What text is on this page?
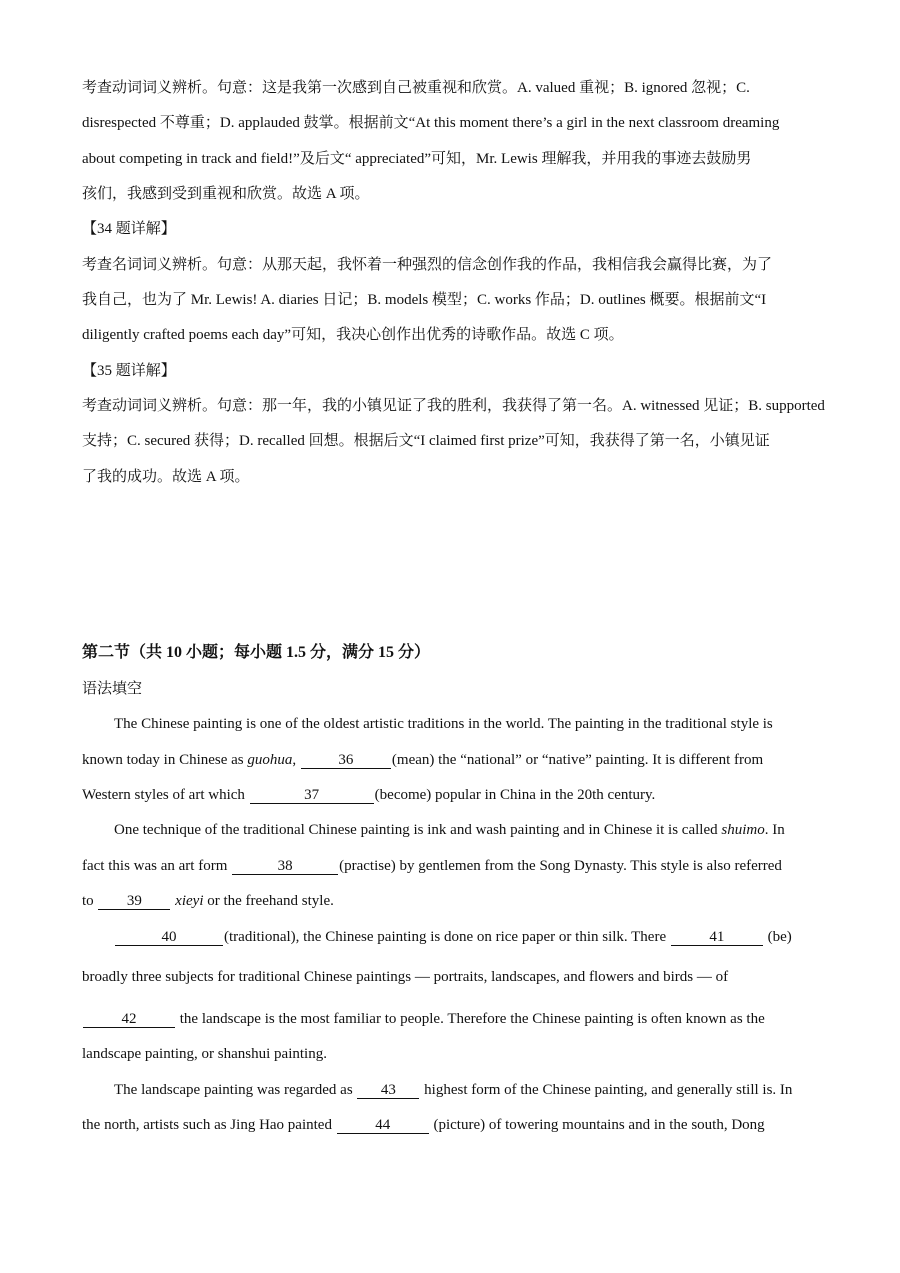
考查动词词义辨析。句意：这是我第一次感到自己被重视和欣赏。A. valued 重视；B. ignored 忽视；C.
disrespected 不尊重；D. applauded 鼓掌。根据前文“At this moment there’s a girl in the next classroom dreaming
about competing in track and field!”及后文“ appreciated”可知，Mr. Lewis 理解我，并用我的事迹去鼓励男
孩们，我感到受到重视和欣赏。故选 A 项。
【34 题详解】
考查名词词义辨析。句意：从那天起，我怀着一种强烈的信念创作我的作品，我相信我会赢得比赛，为了
我自己，也为了 Mr. Lewis! A. diaries 日记；B. models 模型；C. works 作品；D. outlines 概要。根据前文“I
diligently crafted poems each day”可知，我决心创作出优秀的诗歌作品。故选 C 项。
【35 题详解】
考查动词词义辨析。句意：那一年，我的小镇见证了我的胜利，我获得了第一名。A. witnessed 见证；B. supported
支持；C. secured 获得；D. recalled 回想。根据后文“I claimed first prize”可知，我获得了第一名，小镇见证
了我的成功。故选 A 项。
第二节（共 10 小题；每小题 1.5 分，满分 15 分）
语法填空
The Chinese painting is one of the oldest artistic traditions in the world. The painting in the traditional style is
known today in Chinese as guohua,	36	(mean) the “national” or “native” painting. It is different from
Western styles of art which	37	(become) popular in China in the 20th century.
One technique of the traditional Chinese painting is ink and wash painting and in Chinese it is called shuimo. In
fact this was an art form	38	(practise) by gentlemen from the Song Dynasty. This style is also referred
to 39 xieyi or the freehand style.
40	(traditional), the Chinese painting is done on rice paper or thin silk. There	41	(be)
broadly three subjects for traditional Chinese paintings — portraits, landscapes, and flowers and birds — of
42	the landscape is the most familiar to people. Therefore the Chinese painting is often known as the
landscape painting, or shanshui painting.
The landscape painting was regarded as 43 highest form of the Chinese painting, and generally still is. In
the north, artists such as Jing Hao painted	44	(picture) of towering mountains and in the south, Dong
